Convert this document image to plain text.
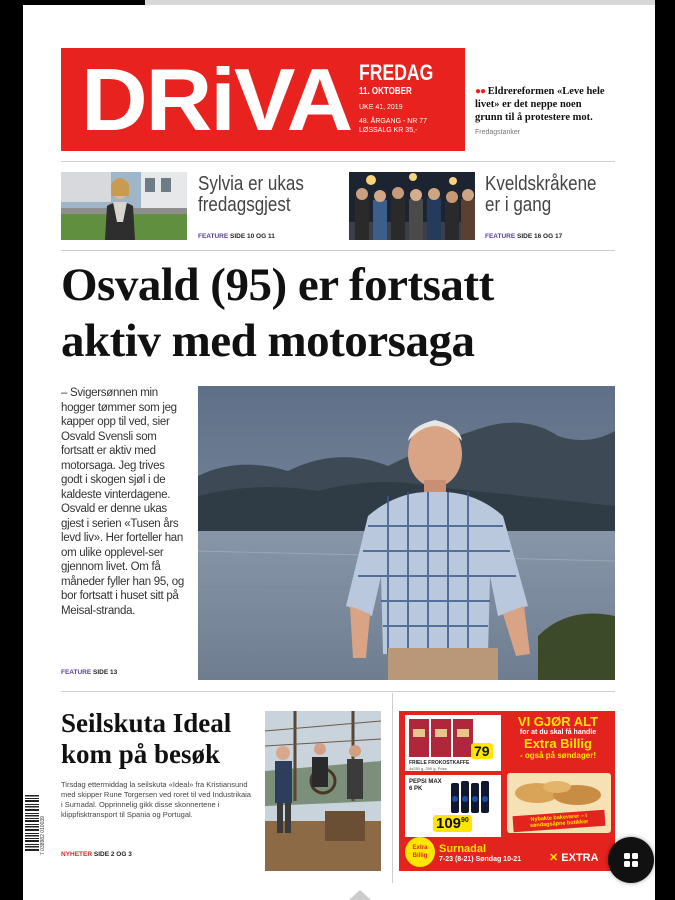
DRiVA FREDAG
11. OKTOBER
UKE 41, 2019
48. ÅRGANG - NR 77
LØSSALG KR 35,-
●● Eldrereformen «Leve hele livet» er det neppe noen grunn til å protestere mot.
Fredagstanker
Sylvia er ukas
fredagsgjest
FEATURE SIDE 10 OG 11
Kveldskråkene
er i gang
FEATURE SIDE 16 OG 17
Osvald (95) er fortsatt
aktiv med motorsaga
– Svigersønnen min hogger tømmer som jeg kapper opp til ved, sier Osvald Svensli som fortsatt er aktiv med motorsaga. Jeg trives godt i skogen sjøl i de kaldeste vinterdagene. Osvald er denne ukas gjest i serien «Tusen års levd liv». Her forteller han om ulike opplevel-ser gjennom livet. Om få måneder fyller han 95, og bor fortsatt i huset sitt på Meisal-stranda.
FEATURE SIDE 13
Seilskuta Ideal
kom på besøk
Tirsdag ettermiddag la seilskuta «Ideal» fra Kristiansund med skipper Rune Torgersen ved roret til ved Industrikaia i Surnadal. Opprinnelig gikk disse skonnertene i klippfisktransport til Spania og Portugal.
NYHETER SIDE 2 OG 3
FRIELE FROKOSTKAFFE
4x250 g, 250 g, Pose
79
PEPSI MAX
6 PK
$109^{90}$
VI GJØR ALT
for at du skal få handle
Extra Billig
- også på søndager!
Nybakte bakevarer – i søndagsåpne butikker
Extra
Billig
Surnadal
7-23 (8-21) Søndag 10-21	✕ EXTRA
7 038982 010039
